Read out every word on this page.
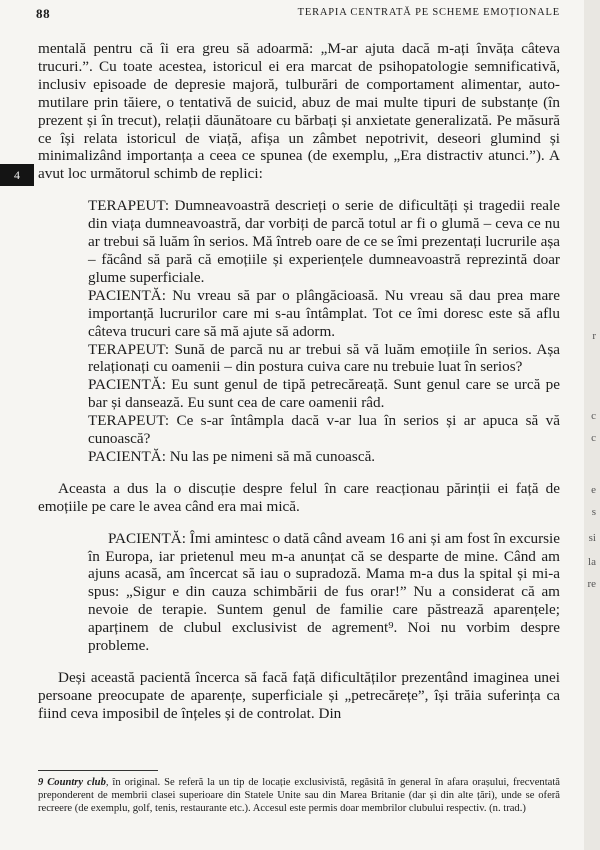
88	TERAPIA CENTRATĂ PE SCHEME EMOȚIONALE
4

mentală pentru că îi era greu să adoarmă: „M-ar ajuta dacă m-ați învăța câteva trucuri.”. Cu toate acestea, istoricul ei era marcat de psihopatologie semnificativă, inclusiv episoade de depresie majoră, tulburări de comportament alimentar, auto-mutilare prin tăiere, o tentativă de suicid, abuz de mai multe tipuri de substanțe (în prezent și în trecut), relații dăunătoare cu bărbați și anxietate generalizată. Pe măsură ce își relata istoricul de viață, afișa un zâmbet nepotrivit, deseori glumind și minimalizând importanța a ceea ce spunea (de exemplu, „Era distractiv atunci.”). A avut loc următorul schimb de replici:

TERAPEUT: Dumneavoastră descrieți o serie de dificultăți și tragedii reale din viața dumneavoastră, dar vorbiți de parcă totul ar fi o glumă – ceva ce nu ar trebui să luăm în serios. Mă întreb oare de ce se îmi prezentați lucrurile așa – făcând să pară că emoțiile și experiențele dumneavoastră reprezintă doar glume superficiale.

PACIENTĂ: Nu vreau să par o plângăcioasă. Nu vreau să dau prea mare importanță lucrurilor care mi s-au întâmplat. Tot ce îmi doresc este să aflu câteva trucuri care să mă ajute să adorm.

TERAPEUT: Sună de parcă nu ar trebui să vă luăm emoțiile în serios. Așa relaționați cu oamenii – din postura cuiva care nu trebuie luat în serios?

PACIENTĂ: Eu sunt genul de tipă petrecăreață. Sunt genul care se urcă pe bar și dansează. Eu sunt cea de care oamenii râd.

TERAPEUT: Ce s-ar întâmpla dacă v-ar lua în serios și ar apuca să vă cunoască?

PACIENTĂ: Nu las pe nimeni să mă cunoască.

Aceasta a dus la o discuție despre felul în care reacționau părinții ei față de emoțiile pe care le avea când era mai mică.

PACIENTĂ: Îmi amintesc o dată când aveam 16 ani și am fost în excursie în Europa, iar prietenul meu m-a anunțat că se desparte de mine. Când am ajuns acasă, am încercat să iau o supradoză. Mama m-a dus la spital și mi-a spus: „Sigur e din cauza schimbării de fus orar!” Nu a considerat că am nevoie de terapie. Suntem genul de familie care păstrează aparențele; aparținem de clubul exclusivist de agrement⁹. Noi nu vorbim despre probleme.

Deși această pacientă încerca să facă față dificultăților prezentând imaginea unei persoane preocupate de aparențe, superficiale și „petrecărețe”, își trăia suferința ca fiind ceva imposibil de înțeles și de controlat. Din

9 Country club, în original. Se referă la un tip de locație exclusivistă, regăsită în general în afara orașului, frecventată preponderent de membrii clasei superioare din Statele Unite sau din Marea Britanie (dar și din alte țări), unde se oferă recreere (de exemplu, golf, tenis, restaurante etc.). Accesul este permis doar membrilor clubului respectiv. (n. trad.)
r
c
c
e
s
si
la
re
